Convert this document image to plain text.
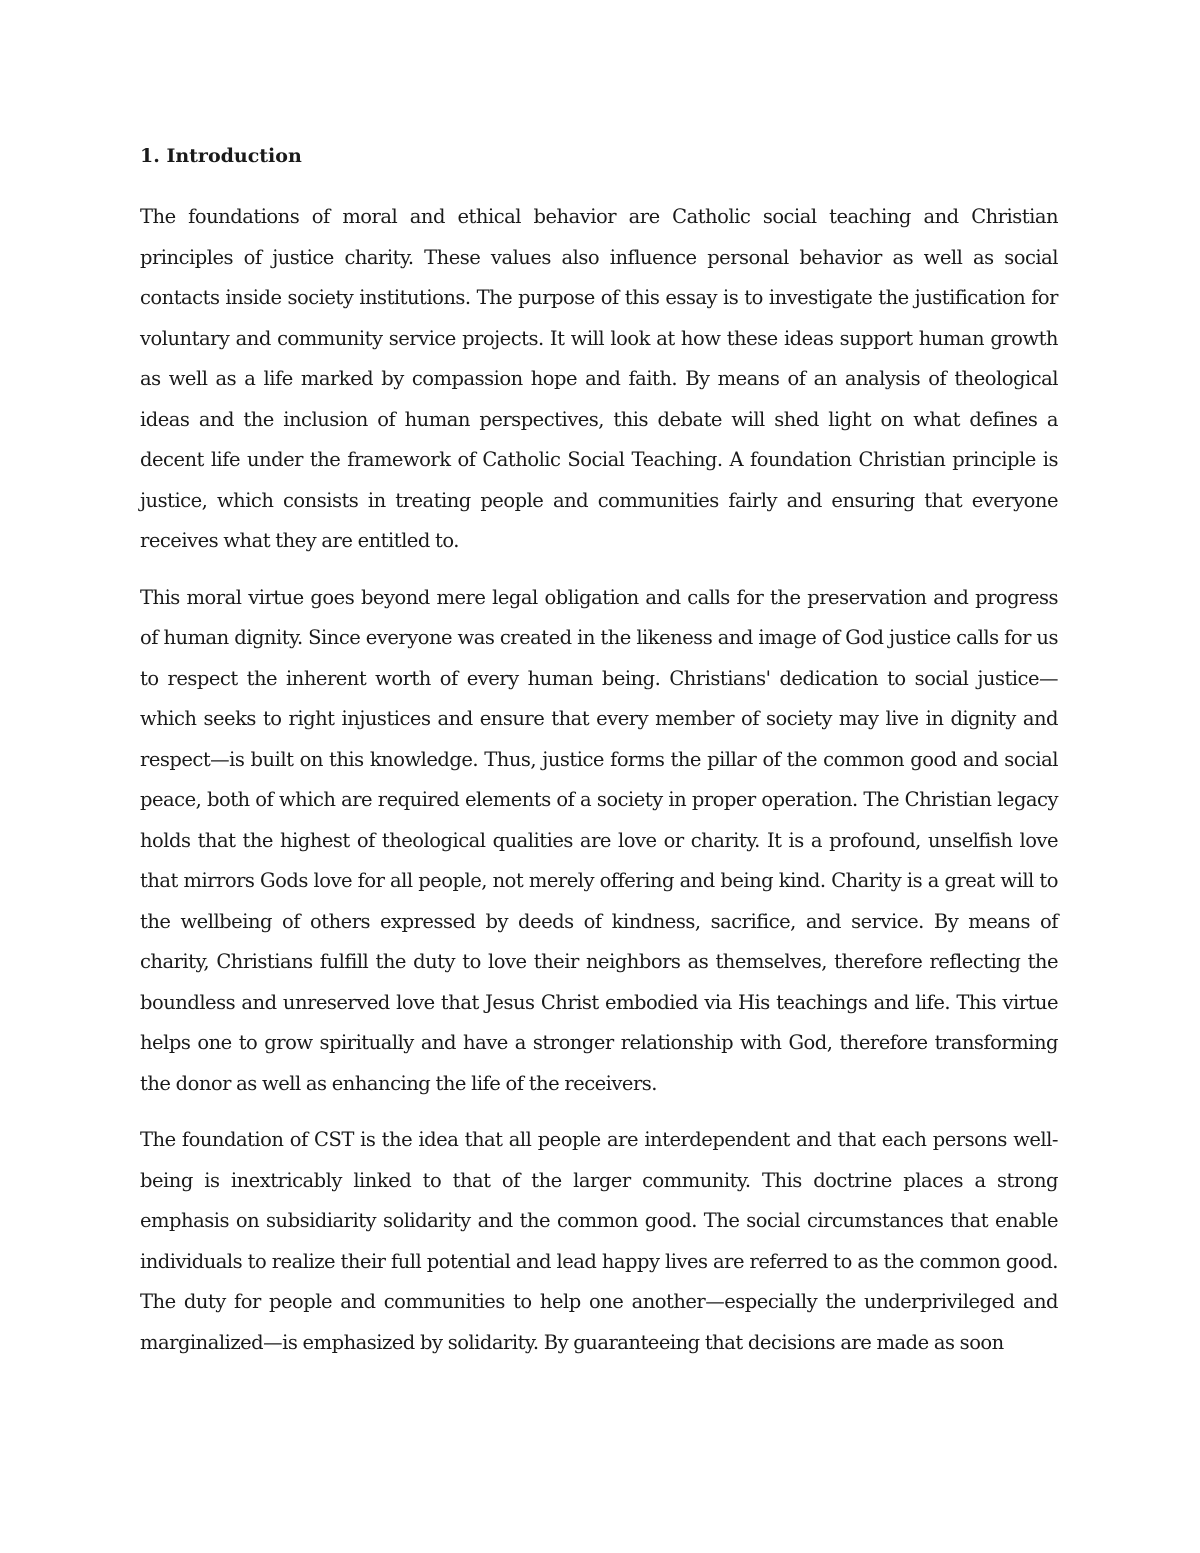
1. Introduction

The foundations of moral and ethical behavior are Catholic social teaching and Christian principles of justice charity. These values also influence personal behavior as well as social contacts inside society institutions. The purpose of this essay is to investigate the justification for voluntary and community service projects. It will look at how these ideas support human growth as well as a life marked by compassion hope and faith. By means of an analysis of theological ideas and the inclusion of human perspectives, this debate will shed light on what defines a decent life under the framework of Catholic Social Teaching. A foundation Christian principle is justice, which consists in treating people and communities fairly and ensuring that everyone receives what they are entitled to.

This moral virtue goes beyond mere legal obligation and calls for the preservation and progress of human dignity. Since everyone was created in the likeness and image of God justice calls for us to respect the inherent worth of every human being. Christians' dedication to social justice—which seeks to right injustices and ensure that every member of society may live in dignity and respect—is built on this knowledge. Thus, justice forms the pillar of the common good and social peace, both of which are required elements of a society in proper operation. The Christian legacy holds that the highest of theological qualities are love or charity. It is a profound, unselfish love that mirrors Gods love for all people, not merely offering and being kind. Charity is a great will to the wellbeing of others expressed by deeds of kindness, sacrifice, and service. By means of charity, Christians fulfill the duty to love their neighbors as themselves, therefore reflecting the boundless and unreserved love that Jesus Christ embodied via His teachings and life. This virtue helps one to grow spiritually and have a stronger relationship with God, therefore transforming the donor as well as enhancing the life of the receivers.

The foundation of CST is the idea that all people are interdependent and that each persons well-being is inextricably linked to that of the larger community. This doctrine places a strong emphasis on subsidiarity solidarity and the common good. The social circumstances that enable individuals to realize their full potential and lead happy lives are referred to as the common good. The duty for people and communities to help one another—especially the underprivileged and marginalized—is emphasized by solidarity. By guaranteeing that decisions are made as soon
